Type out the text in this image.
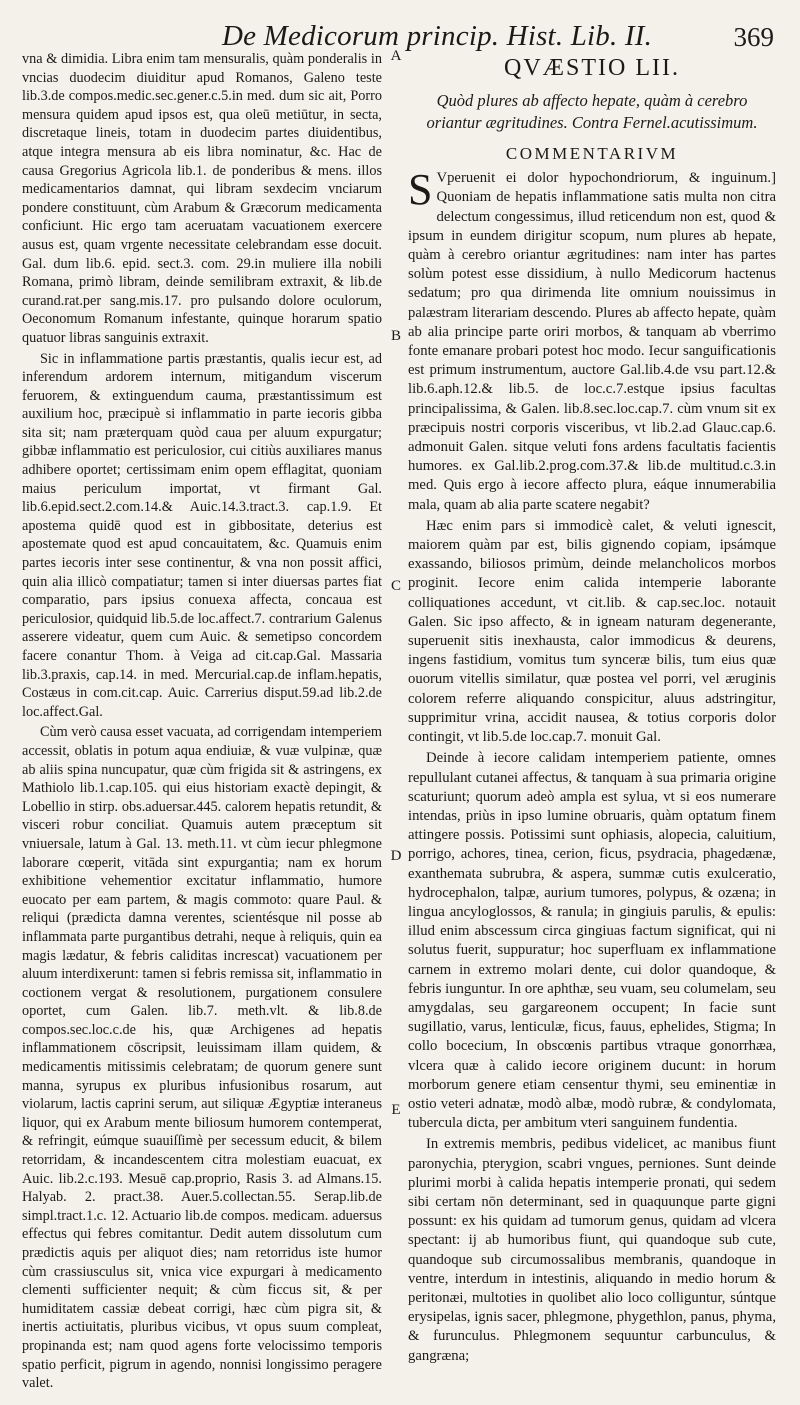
De Medicorum princip. Hist. Lib. II.	369
A
B
C
D
E

vna & dimidia. Libra enim tam mensuralis, quàm ponderalis in vncias duodecim diuiditur apud Romanos, Galeno teste lib.3.de compos.medic.sec.gener.c.5.in med. dum sic ait, Porro mensura quidem apud ipsos est, qua oleū metiūtur, in secta, discretaque lineis, totam in duodecim partes diuidentibus, atque integra mensura ab eis libra nominatur, &c. Hac de causa Gregorius Agricola lib.1. de ponderibus & mens. illos medicamentarios damnat, qui libram sexdecim vnciarum pondere constituunt, cùm Arabum & Græcorum medicamenta conficiunt. Hic ergo tam aceruatam vacuationem exercere ausus est, quam vrgente necessitate celebrandam esse docuit. Gal. dum lib.6. epid. sect.3. com. 29.in muliere illa nobili Romana, primò libram, deinde semilibram extraxit, & lib.de curand.rat.per sang.mis.17. pro pulsando dolore oculorum, Oeconomum Romanum infestante, quinque horarum spatio quatuor libras sanguinis extraxit.

Sic in inflammatione partis præstantis, qualis iecur est, ad inferendum ardorem internum, mitigandum viscerum feruorem, & extinguendum cauma, præstantissimum est auxilium hoc, præcipuè si inflammatio in parte iecoris gibba sita sit; nam præterquam quòd caua per aluum expurgatur; gibbæ inflammatio est periculosior, cui citiùs auxiliares manus adhibere oportet; certissimam enim opem efflagitat, quoniam maius periculum importat, vt firmant Gal. lib.6.epid.sect.2.com.14.& Auic.14.3.tract.3. cap.1.9. Et apostema quidē quod est in gibbositate, deterius est apostemate quod est apud concauitatem, &c. Quamuis enim partes iecoris inter sese continentur, & vna non possit affici, quin alia illicò compatiatur; tamen si inter diuersas partes fiat comparatio, pars ipsius conuexa affecta, concaua est periculosior, quidquid lib.5.de loc.affect.7. contrarium Galenus asserere videatur, quem cum Auic. & semetipso concordem facere conantur Thom. à Veiga ad cit.cap.Gal. Massaria lib.3.praxis, cap.14. in med. Mercurial.cap.de inflam.hepatis, Costæus in com.cit.cap. Auic. Carrerius disput.59.ad lib.2.de loc.affect.Gal.

Cùm verò causa esset vacuata, ad corrigendam intemperiem accessit, oblatis in potum aqua endiuiæ, & vuæ vulpinæ, quæ ab aliis spina nuncupatur, quæ cùm frigida sit & astringens, ex Mathiolo lib.1.cap.105. qui eius historiam exactè depingit, & Lobellio in stirp. obs.aduersar.445. calorem hepatis retundit, & visceri robur conciliat. Quamuis autem præceptum sit vniuersale, latum à Gal. 13. meth.11. vt cùm iecur phlegmone laborare cœperit, vitāda sint expurgantia; nam ex horum exhibitione vehementior excitatur inflammatio, humore euocato per eam partem, & magis commoto: quare Paul. & reliqui (prædicta damna verentes, scientésque nil posse ab inflammata parte purgantibus detrahi, neque à reliquis, quin ea magis lædatur, & febris caliditas increscat) vacuationem per aluum interdixerunt: tamen si febris remissa sit, inflammatio in coctionem vergat & resolutionem, purgationem consulere oportet, cum Galen. lib.7. meth.vlt. & lib.8.de compos.sec.loc.c.de his, quæ Archigenes ad hepatis inflammationem cōscripsit, leuissimam illam quidem, & medicamentis mitissimis celebratam; de quorum genere sunt manna, syrupus ex pluribus infusionibus rosarum, aut violarum, lactis caprini serum, aut siliquæ Ægyptiæ interaneus liquor, qui ex Arabum mente biliosum humorem contemperat, & refringit, eúmque suauiſſimè per secessum educit, & bilem retorridam, & incandescentem citra molestiam euacuat, ex Auic. lib.2.c.193. Mesuē cap.proprio, Rasis 3. ad Almans.15. Halyab. 2. pract.38. Auer.5.collectan.55. Serap.lib.de simpl.tract.1.c. 12. Actuario lib.de compos. medicam. aduersus effectus qui febres comitantur. Dedit autem dissolutum cum prædictis aquis per aliquot dies; nam retorridus iste humor cùm crassiusculus sit, vnica vice expurgari à medicamento clementi sufficienter nequit; & cùm ficcus sit, & per humiditatem cassiæ debeat corrigi, hæc cùm pigra sit, & inertis actiuitatis, pluribus vicibus, vt opus suum compleat, propinanda est; nam quod agens forte velocissimo temporis spatio perficit, pigrum in agendo, nonnisi longissimo peragere valet.

QVÆSTIO LII.

Quòd plures ab affecto hepate, quàm à cerebro oriantur ægritudines. Contra Fernel.acutissimum.

COMMENTARIVM

S Vperuenit ei dolor hypochondriorum, & inguinum.] Quoniam de hepatis inflammatione satis multa non citra delectum congessimus, illud reticendum non est, quod & ipsum in eundem dirigitur scopum, num plures ab hepate, quàm à cerebro oriantur ægritudines: nam inter has partes solùm potest esse dissidium, à nullo Medicorum hactenus sedatum; pro qua dirimenda lite omnium nouissimus in palæstram literariam descendo. Plures ab affecto hepate, quàm ab alia principe parte oriri morbos, & tanquam ab vberrimo fonte emanare probari potest hoc modo. Iecur sanguificationis est primum instrumentum, auctore Gal.lib.4.de vsu part.12.& lib.6.aph.12.& lib.5. de loc.c.7.estque ipsius facultas principalissima, & Galen. lib.8.sec.loc.cap.7. cùm vnum sit ex præcipuis nostri corporis visceribus, vt lib.2.ad Glauc.cap.6. admonuit Galen. sitque veluti fons ardens facultatis facientis humores. ex Gal.lib.2.prog.com.37.& lib.de multitud.c.3.in med. Quis ergo à iecore affecto plura, eáque innumerabilia mala, quam ab alia parte scatere negabit?

Hæc enim pars si immodicè calet, & veluti ignescit, maiorem quàm par est, bilis gignendo copiam, ipsámque exassando, biliosos primùm, deinde melancholicos morbos proginit. Iecore enim calida intemperie laborante colliquationes accedunt, vt cit.lib. & cap.sec.loc. notauit Galen. Sic ipso affecto, & in igneam naturam degenerante, superuenit sitis inexhausta, calor immodicus & deurens, ingens fastidium, vomitus tum synceræ bilis, tum eius quæ ouorum vitellis similatur, quæ postea vel porri, vel æruginis colorem referre aliquando conspicitur, aluus adstringitur, supprimitur vrina, accidit nausea, & totius corporis dolor contingit, vt lib.5.de loc.cap.7. monuit Gal.

Deinde à iecore calidam intemperiem patiente, omnes repullulant cutanei affectus, & tanquam à sua primaria origine scaturiunt; quorum adeò ampla est sylua, vt si eos numerare intendas, priùs in ipso lumine obruaris, quàm optatum finem attingere possis. Potissimi sunt ophiasis, alopecia, caluitium, porrigo, achores, tinea, cerion, ficus, psydracia, phagedænæ, exanthemata subrubra, & aspera, summæ cutis exulceratio, hydrocephalon, talpæ, aurium tumores, polypus, & ozæna; in lingua ancyloglossos, & ranula; in gingiuis parulis, & epulis: illud enim abscessum circa gingiuas factum significat, qui ni solutus fuerit, suppuratur; hoc superfluam ex inflammatione carnem in extremo molari dente, cui dolor quandoque, & febris iunguntur. In ore aphthæ, seu vuam, seu columelam, seu amygdalas, seu gargareonem occupent; In facie sunt sugillatio, varus, lenticulæ, ficus, fauus, ephelides, Stigma; In collo bocecium, In obscœnis partibus vtraque gonorrhæa, vlcera quæ à calido iecore originem ducunt: in horum morborum genere etiam censentur thymi, seu eminentiæ in ostio veteri adnatæ, modò albæ, modò rubræ, & condylomata, tubercula dicta, per ambitum vteri sanguinem fundentia.

In extremis membris, pedibus videlicet, ac manibus fiunt paronychia, pterygion, scabri vngues, perniones. Sunt deinde plurimi morbi à calida hepatis intemperie pronati, qui sedem sibi certam nōn determinant, sed in quaquunque parte gigni possunt: ex his quidam ad tumorum genus, quidam ad vlcera spectant: ij ab humoribus fiunt, qui quandoque sub cute, quandoque sub circumossalibus membranis, quandoque in ventre, interdum in intestinis, aliquando in medio horum & peritonæi, multoties in quolibet alio loco colliguntur, súntque erysipelas, ignis sacer, phlegmone, phygethlon, panus, phyma, & furunculus. Phlegmonem sequuntur carbunculus, & gangræna;
